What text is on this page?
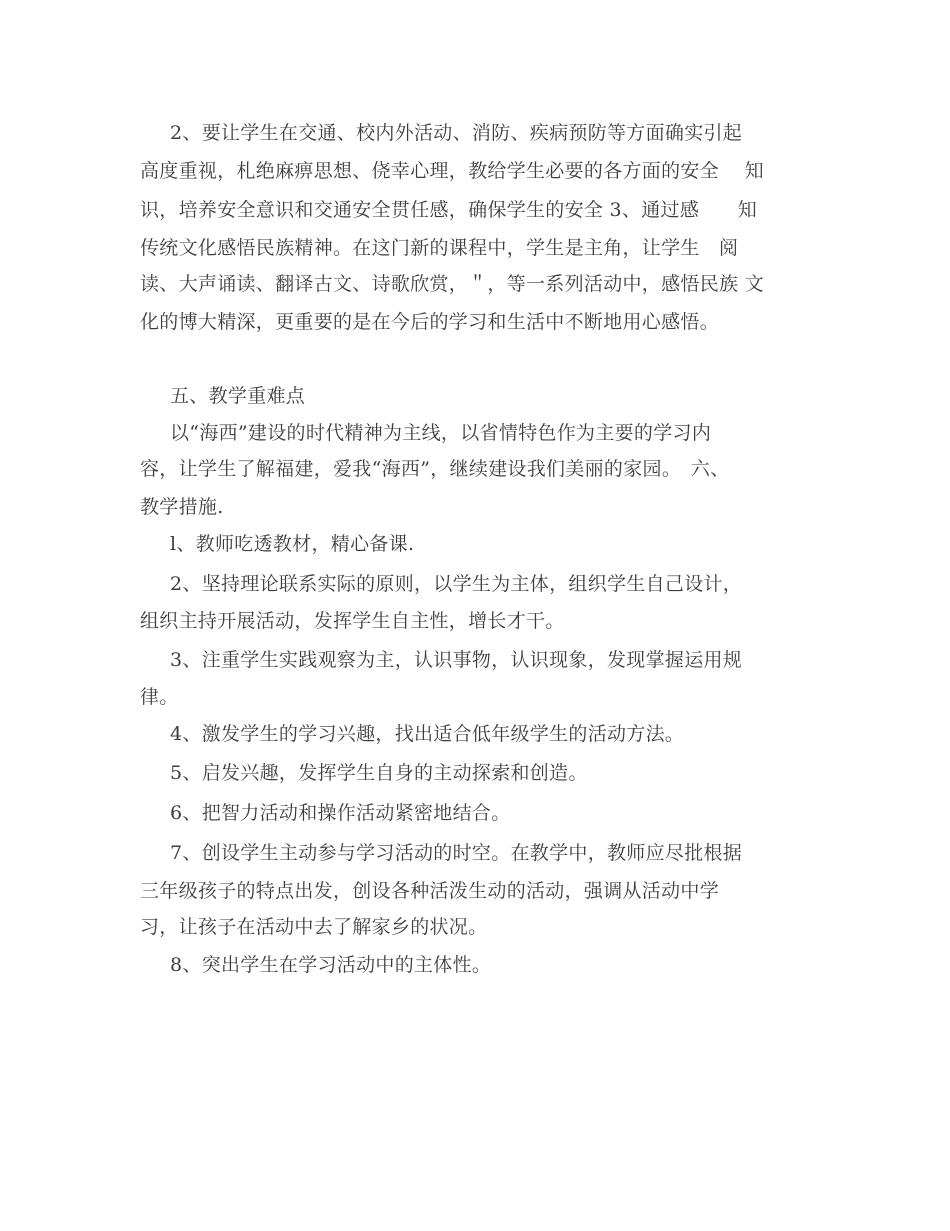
2、要让学生在交通、校内外活动、消防、疾病预防等方面确实引起
高度重视，札绝麻痹思想、侥幸心理，教给学生必要的各方面的安全　 知
识，培养安全意识和交通安全贯任感，确保学生的安全 3、通过感　　知
传统文化感悟民族精神。在这门新的课程中，学生是主角，让学生　阅
读、大声诵读、翻译古文、诗歌欣赏，＂，等一系列活动中，感悟民族 文
化的博大精深，更重要的是在今后的学习和生活中不断地用心感悟。
五、教学重难点
以“海西”建设的时代精神为主线，以省情特色作为主要的学习内
容，让学生了解福建，爱我“海西”，继续建设我们美丽的家园。　六、
教学措施.
l、教师吃透教材，精心备课.
2、坚持理论联系实际的原则，以学生为主体，组织学生自己设计，
组织主持开展活动，发挥学生自主性，增长才干。
3、注重学生实践观察为主，认识事物，认识现象，发现掌握运用规
律。
4、激发学生的学习兴趣，找出适合低年级学生的活动方法。
5、启发兴趣，发挥学生自身的主动探索和创造。
6、把智力活动和操作活动紧密地结合。
7、创设学生主动参与学习活动的时空。在教学中，教师应尽批根据
三年级孩子的特点出发，创设各种活泼生动的活动，强调从活动中学
习，让孩子在活动中去了解家乡的状况。
8、突出学生在学习活动中的主体性。
